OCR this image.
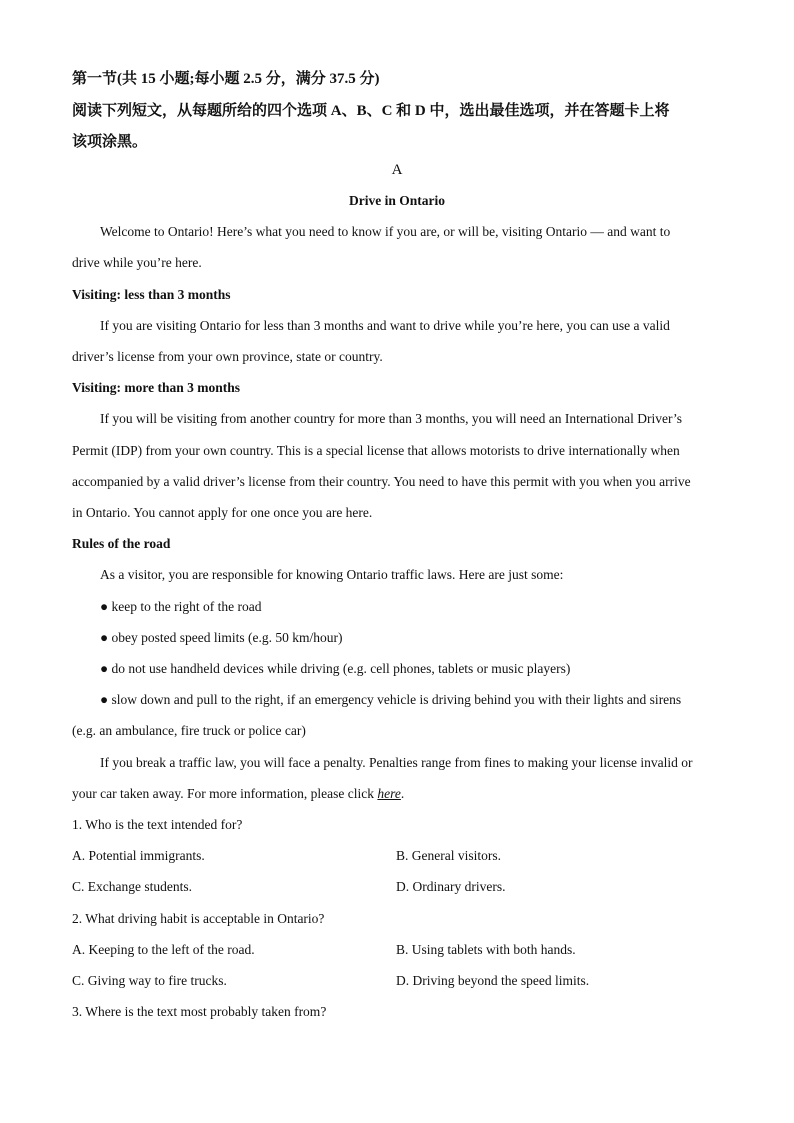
第一节(共 15 小题;每小题 2.5 分，满分 37.5 分)
阅读下列短文，从每题所给的四个选项 A、B、C 和 D 中，选出最佳选项，并在答题卡上将
该项涂黑。
A
Drive in Ontario
Welcome to Ontario! Here’s what you need to know if you are, or will be, visiting Ontario — and want to
drive while you’re here.
Visiting: less than 3 months
If you are visiting Ontario for less than 3 months and want to drive while you’re here, you can use a valid
driver’s license from your own province, state or country.
Visiting: more than 3 months
If you will be visiting from another country for more than 3 months, you will need an International Driver’s
Permit (IDP) from your own country. This is a special license that allows motorists to drive internationally when
accompanied by a valid driver’s license from their country. You need to have this permit with you when you arrive
in Ontario. You cannot apply for one once you are here.
Rules of the road
As a visitor, you are responsible for knowing Ontario traffic laws. Here are just some:
● keep to the right of the road
● obey posted speed limits (e.g. 50 km/hour)
● do not use handheld devices while driving (e.g. cell phones, tablets or music players)
● slow down and pull to the right, if an emergency vehicle is driving behind you with their lights and sirens
(e.g. an ambulance, fire truck or police car)
If you break a traffic law, you will face a penalty. Penalties range from fines to making your license invalid or
your car taken away. For more information, please click here.
1. Who is the text intended for?
A. Potential immigrants.	B. General visitors.
C. Exchange students.	D. Ordinary drivers.
2. What driving habit is acceptable in Ontario?
A. Keeping to the left of the road.	B. Using tablets with both hands.
C. Giving way to fire trucks.	D. Driving beyond the speed limits.
3. Where is the text most probably taken from?
